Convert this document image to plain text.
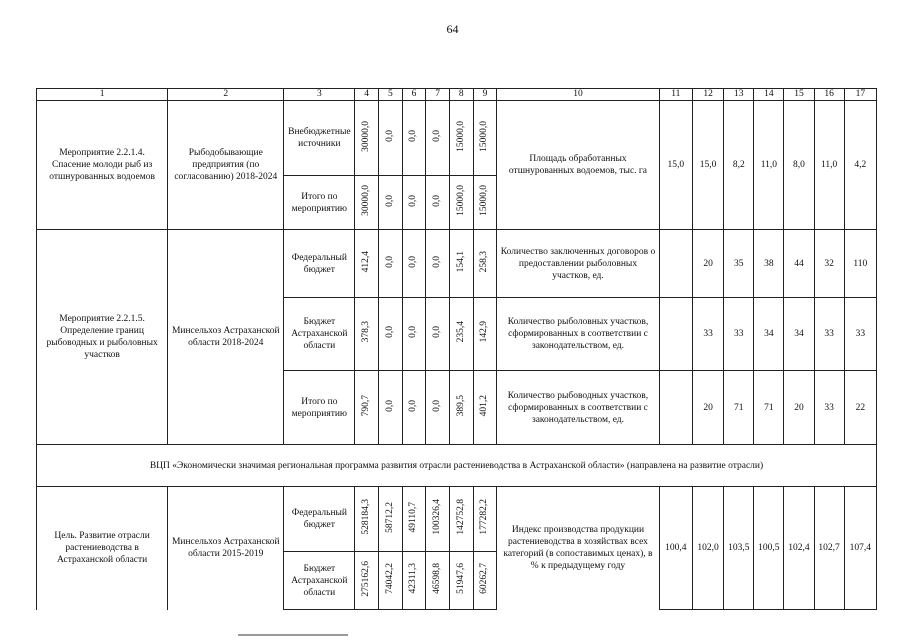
64
1	2	3	4	5	6	7	8	9	10	11	12	13	14	15	16	17
Мероприятие 2.2.1.4. Спасение молоди рыб из отшнурованных водоемов	Рыбодобывающие предприятия (по согласованию) 2018-2024	Внебюджетные источники	30000,0	0,0	0,0	0,0	15000,0	15000,0	Площадь обработанных отшнурованных водоемов, тыс. га	15,0	15,0	8,2	11,0	8,0	11,0	4,2
		Итого по мероприятию	30000,0	0,0	0,0	0,0	15000,0	15000,0								
Мероприятие 2.2.1.5. Определение границ рыбоводных и рыболовных участков	Минсельхоз Астраханской области 2018-2024	Федеральный бюджет	412,4	0,0	0,0	0,0	154,1	258,3	Количество заключенных договоров о предоставлении рыболовных участков, ед.		20	35	38	44	32	110
		Бюджет Астраханской области	378,3	0,0	0,0	0,0	235,4	142,9	Количество рыболовных участков, сформированных в соответствии с законодательством, ед.		33	33	34	34	33	33
		Итого по мероприятию	790,7	0,0	0,0	0,0	389,5	401,2	Количество рыбоводных участков, сформированных в соответствии с законодательством, ед.		20	71	71	20	33	22
ВЦП «Экономически значимая региональная программа развития отрасли растениеводства в Астраханской области» (направлена на развитие отрасли)																
Цель. Развитие отрасли растениеводства в Астраханской области	Минсельхоз Астраханской области 2015-2019	Федеральный бюджет	528184,3	58712,2	49110,7	100326,4	142752,8	177282,2	Индекс производства продукции растениеводства в хозяйствах всех категорий (в сопоставимых ценах), в % к предыдущему году	100,4	102,0	103,5	100,5	102,4	102,7	107,4
		Бюджет Астраханской области	275162,6	74042,2	42311,3	46598,8	51947,6	60262,7								
